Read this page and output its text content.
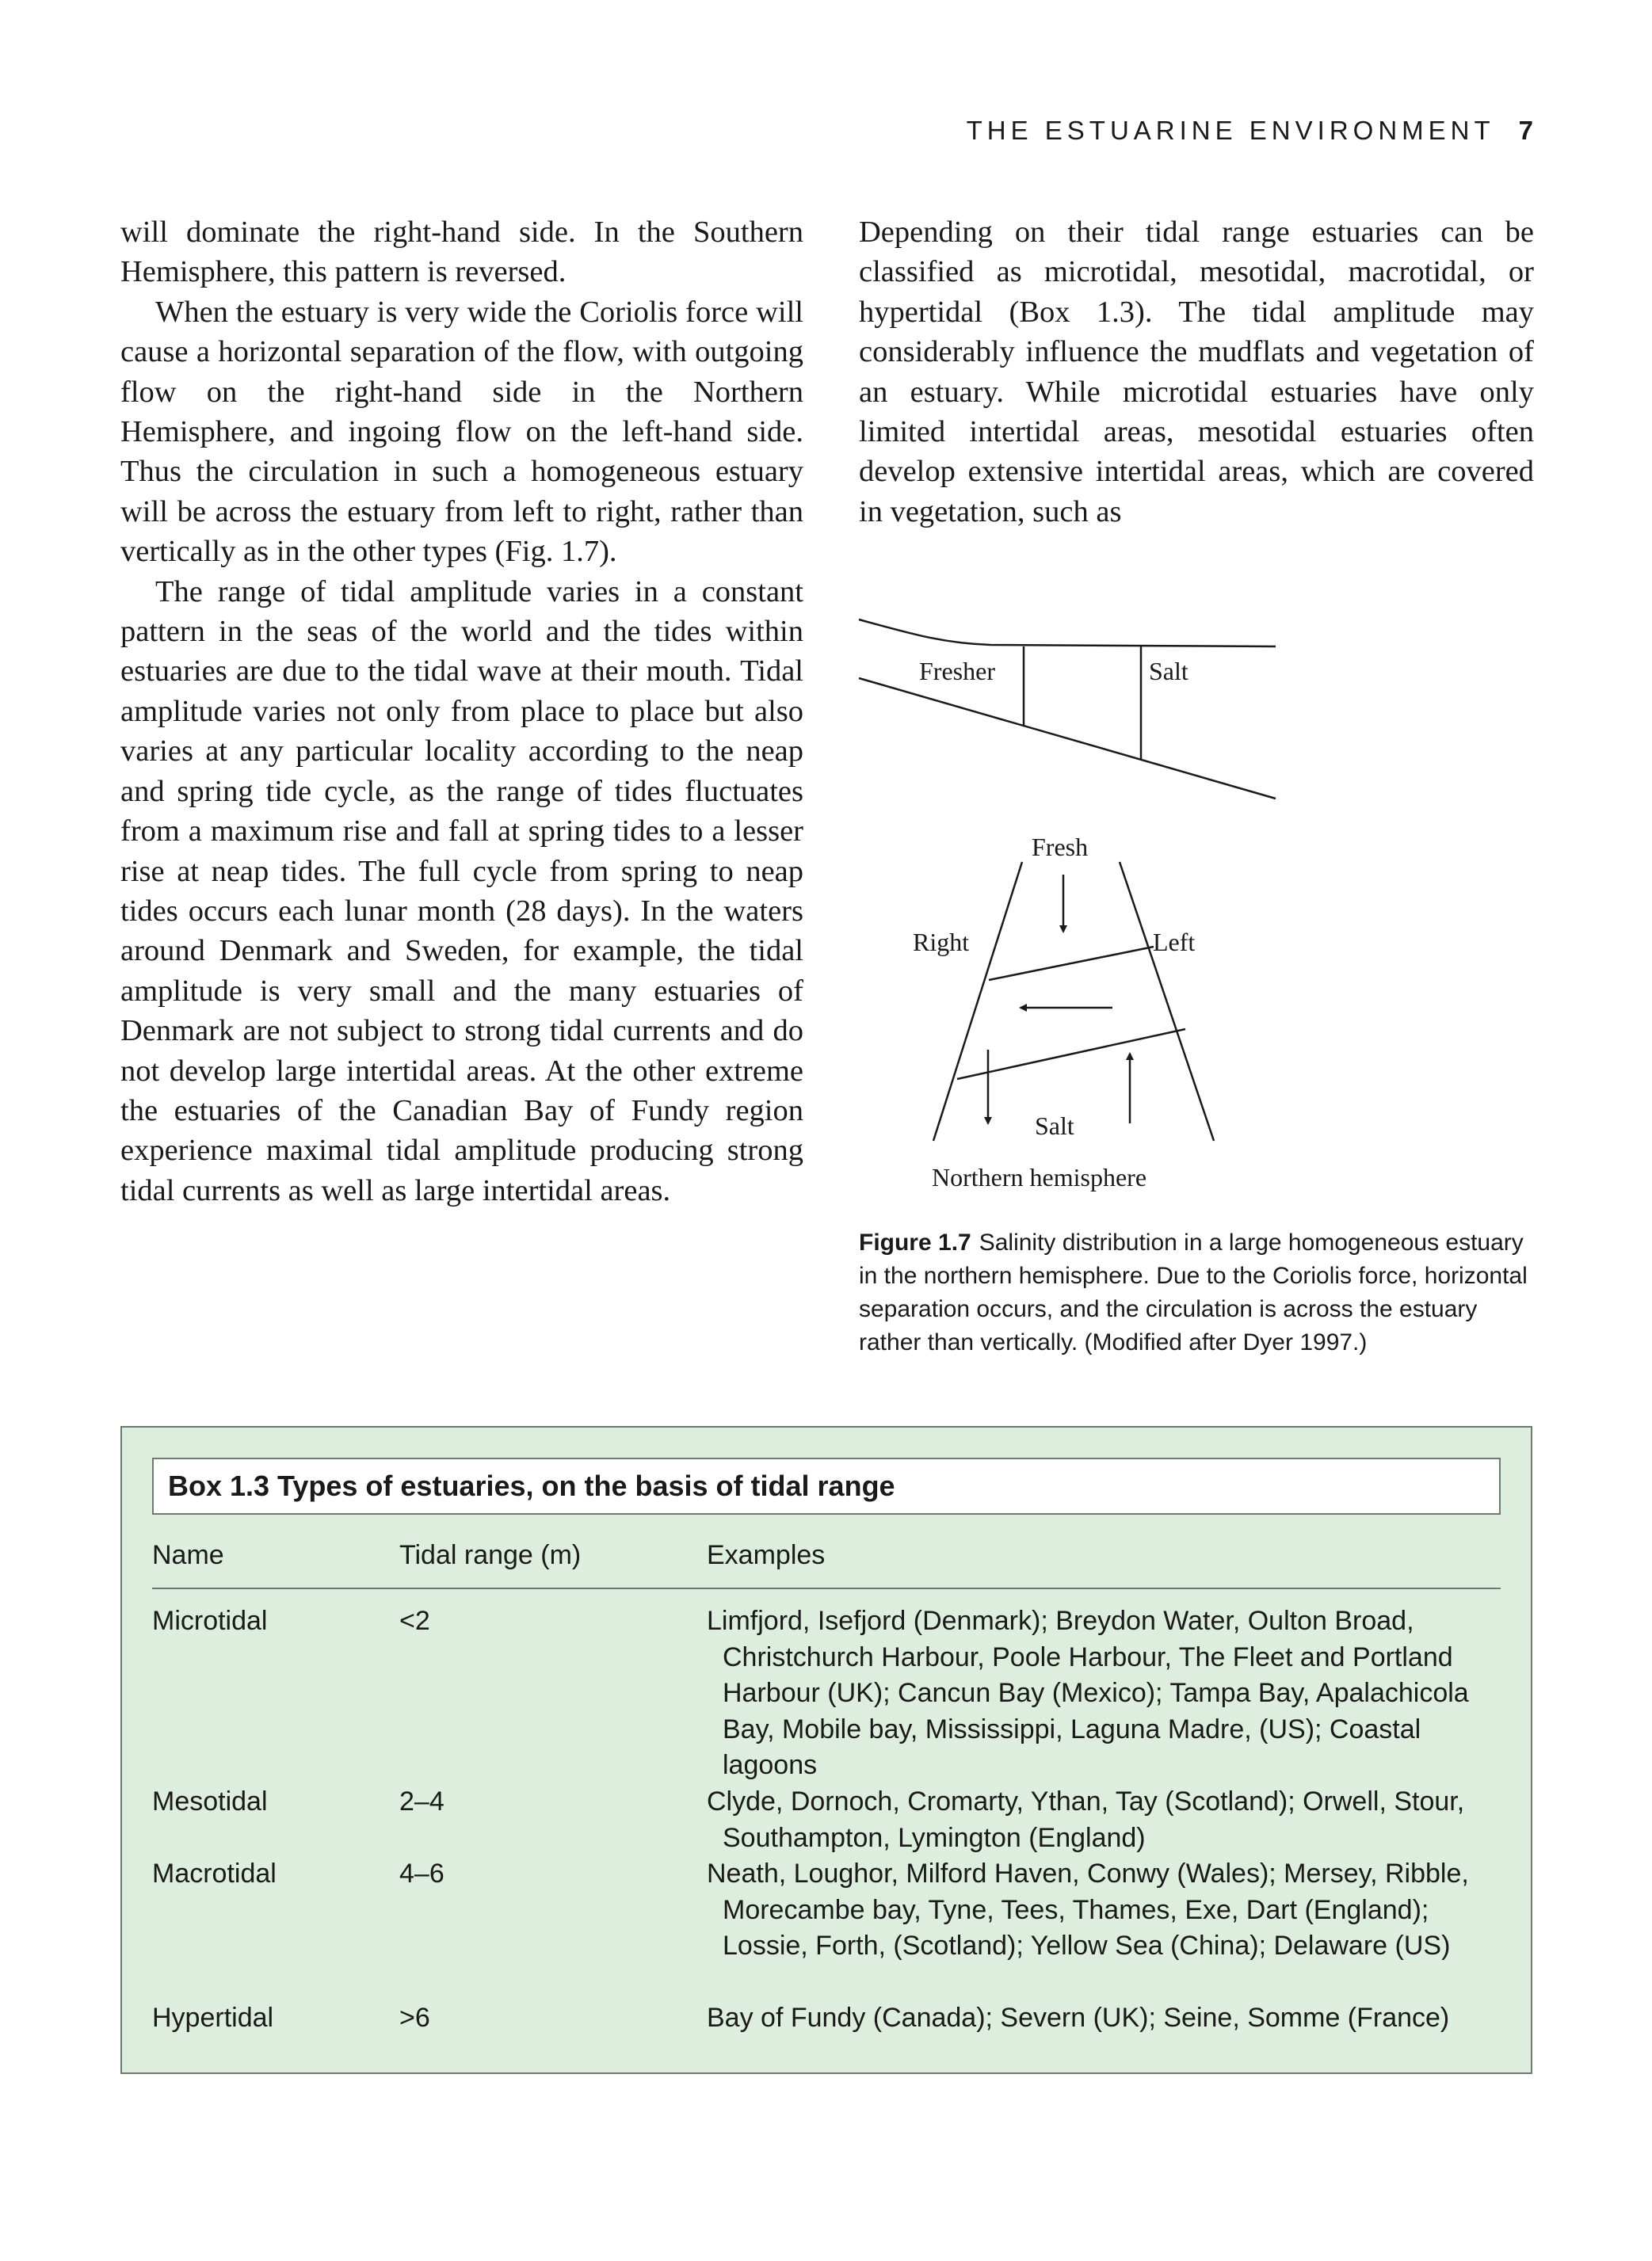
THE ESTUARINE ENVIRONMENT 7

will dominate the right-hand side. In the Southern Hemisphere, this pattern is reversed.

When the estuary is very wide the Coriolis force will cause a horizontal separation of the flow, with outgoing flow on the right-hand side in the Northern Hemisphere, and ingoing flow on the left-hand side. Thus the circulation in such a homogeneous estuary will be across the estuary from left to right, rather than vertically as in the other types (Fig. 1.7).

The range of tidal amplitude varies in a constant pattern in the seas of the world and the tides within estuaries are due to the tidal wave at their mouth. Tidal amplitude varies not only from place to place but also varies at any particular locality according to the neap and spring tide cycle, as the range of tides fluctuates from a maximum rise and fall at spring tides to a lesser rise at neap tides. The full cycle from spring to neap tides occurs each lunar month (28 days). In the waters around Denmark and Sweden, for example, the tidal amplitude is very small and the many estuaries of Denmark are not subject to strong tidal currents and do not develop large intertidal areas. At the other extreme the estuaries of the Canadian Bay of Fundy region experience maximal tidal amplitude producing strong tidal currents as well as large intertidal areas.

Depending on their tidal range estuaries can be classified as microtidal, mesotidal, macrotidal, or hypertidal (Box 1.3). The tidal amplitude may considerably influence the mudflats and vegetation of an estuary. While microtidal estuaries have only limited intertidal areas, mesotidal estuaries often develop extensive intertidal areas, which are covered in vegetation, such as

Fresher	Salt
Fresh
Right	Left
Salt
Northern hemisphere
Figure 1.7 Salinity distribution in a large homogeneous estuary in the northern hemisphere. Due to the Coriolis force, horizontal separation occurs, and the circulation is across the estuary rather than vertically. (Modified after Dyer 1997.)
Box 1.3 Types of estuaries, on the basis of tidal range
Name	Tidal range (m)	Examples
Microtidal	<2	Limfjord, Isefjord (Denmark); Breydon Water, Oulton Broad, Christchurch Harbour, Poole Harbour, The Fleet and Portland Harbour (UK); Cancun Bay (Mexico); Tampa Bay, Apalachicola Bay, Mobile bay, Mississippi, Laguna Madre, (US); Coastal lagoons
Mesotidal	2–4	Clyde, Dornoch, Cromarty, Ythan, Tay (Scotland); Orwell, Stour, Southampton, Lymington (England)
Macrotidal	4–6	Neath, Loughor, Milford Haven, Conwy (Wales); Mersey, Ribble, Morecambe bay, Tyne, Tees, Thames, Exe, Dart (England); Lossie, Forth, (Scotland); Yellow Sea (China); Delaware (US)
Hypertidal	>6	Bay of Fundy (Canada); Severn (UK); Seine, Somme (France)
